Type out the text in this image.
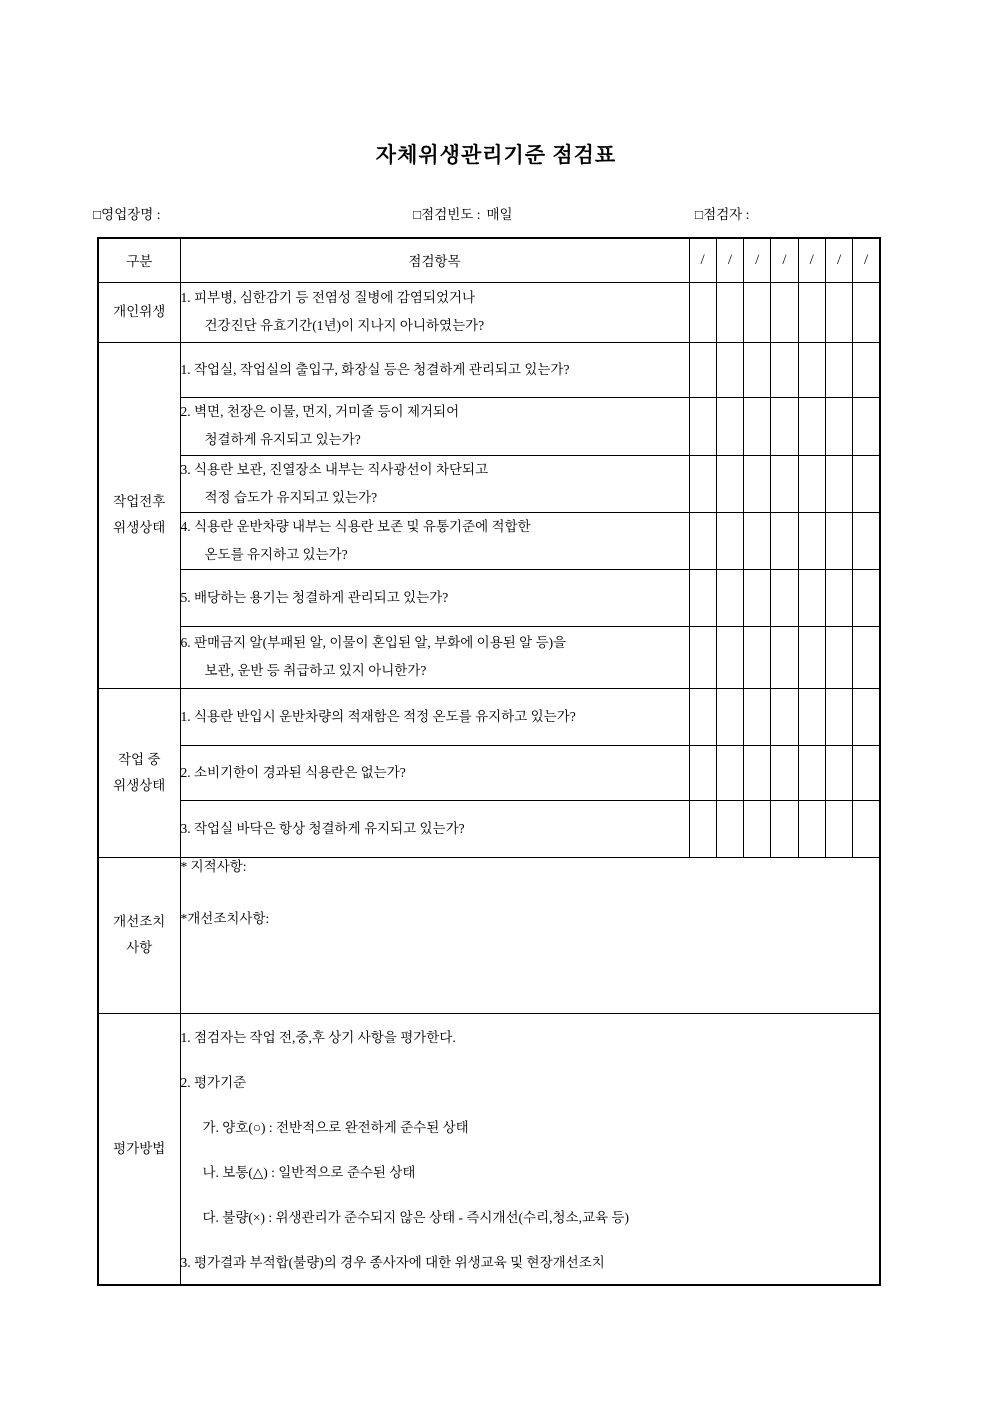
자체위생관리기준 점검표
□영업장명 :	□점검빈도 : 매일	□점검자 :
구분	점검항목	/	/	/	/	/	/	/

개인위생	1. 피부병, 심한감기 등 전염성 질병에 감염되었거나
건강진단 유효기간(1년)이 지나지 아니하였는가?							

작업전후
위생상태	1. 작업실, 작업실의 출입구, 화장실 등은 청결하게 관리되고 있는가?							

	2. 벽면, 천장은 이물, 먼지, 거미줄 등이 제거되어
청결하게 유지되고 있는가?							

	3. 식용란 보관, 진열장소 내부는 직사광선이 차단되고
적정 습도가 유지되고 있는가?							

	4. 식용란 운반차량 내부는 식용란 보존 및 유통기준에 적합한
온도를 유지하고 있는가?							

	5. 배당하는 용기는 청결하게 관리되고 있는가?							

	6. 판매금지 알(부패된 알, 이물이 혼입된 알, 부화에 이용된 알 등)을
보관, 운반 등 취급하고 있지 아니한가?							

작업 중
위생상태	1. 식용란 반입시 운반차량의 적재함은 적정 온도를 유지하고 있는가?							

	2. 소비기한이 경과된 식용란은 없는가?							

	3. 작업실 바닥은 항상 청결하게 유지되고 있는가?							

개선조치
사항

* 지적사항:
*개선조치사항:

평가방법

1. 점검자는 작업 전,중,후 상기 사항을 평가한다.
2. 평가기준
가. 양호(○) : 전반적으로 완전하게 준수된 상태
나. 보통(△) : 일반적으로 준수된 상태
다. 불량(×) : 위생관리가 준수되지 않은 상태 - 즉시개선(수리,청소,교육 등)
3. 평가결과 부적합(불량)의 경우 종사자에 대한 위생교육 및 현장개선조치
